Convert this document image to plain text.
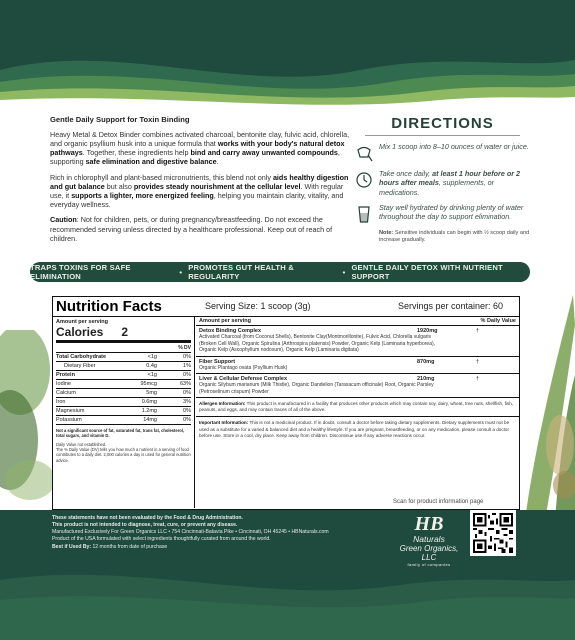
Gentle Daily Support for Toxin Binding

Heavy Metal & Detox Binder combines activated charcoal, bentonite clay, fulvic acid, chlorella, and organic psyllium husk into a unique formula that works with your body's natural detox pathways. Together, these ingredients help bind and carry away unwanted compounds, supporting safe elimination and digestive balance.

Rich in chlorophyll and plant-based micronutrients, this blend not only aids healthy digestion and gut balance but also provides steady nourishment at the cellular level. With regular use, it supports a lighter, more energized feeling, helping you maintain clarity, vitality, and everyday wellness.

Caution: Not for children, pets, or during pregnancy/breastfeeding. Do not exceed the recommended serving unless directed by a healthcare professional. Keep out of reach of children.

DIRECTIONS
Mix 1 scoop into 8–10 ounces of water or juice.
Take once daily, at least 1 hour before or 2 hours after meals, supplements, or medications.
Stay well hydrated by drinking plenty of water throughout the day to support elimination.
Note: Sensitive individuals can begin with ½ scoop daily and increase gradually.
TRAPS TOXINS FOR SAFE ELIMINATION	• PROMOTES GUT HEALTH & REGULARITY	• GENTLE DAILY DETOX WITH NUTRIENT SUPPORT
Nutrition Facts	Serving Size: 1 scoop (3g)	Servings per container: 60
Amount per serving
Calories 2
% DV
Total Carbohydrate	<1g	0%
Dietary Fiber	0.4g	1%
Protein	<1g	0%
Iodine	95mcg	63%
Calcium	5mg	0%
Iron	0.6mg	3%
Magnesium	1.2mg	0%
Potassium	14mg	0%
Not a significant source of fat, saturated fat, trans fat, cholesterol, total sugars, and vitamin D.
Daily Value not established.
The % Daily Value (DV) tells you how much a nutrient in a serving of food contributes to a daily diet. 2,000 calories a day is used for general nutrition advice.
Amount per serving	% Daily Value
Detox Binding Complex
Activated Charcoal (from Coconut Shells), Bentonite Clay(Montmorillonite), Fulvic Acid, Chlorella vulgaris (Broken Cell Wall), Organic Spirulina (Arthrospira platensis) Powder, Organic Kelp (Laminaria hyperborea), Organic Kelp (Ascophyllum nodosum), Organic Kelp (Laminaria digitata)
1920mg	†
Fiber Support
Organic Plantago ovata (Psyllium Husk)
870mg	†
Liver & Cellular Defense Complex
Organic Silybum marianum (Milk Thistle), Organic Dandelion (Taraxacum officinale) Root, Organic Parsley (Petroselinum crispum) Powder
210mg	†
Allergen Information: This product is manufactured in a facility that produces other products which may contain soy, dairy, wheat, tree nuts, shellfish, fish, peanuts, and eggs, and may contain traces of all of the above.
Important Information: This is not a medicinal product. If in doubt, consult a doctor before taking dietary supplements. Dietary supplements must not be used as a substitute for a varied & balanced diet and a healthy lifestyle. If you are pregnant, breastfeeding, or on any medication, please consult a doctor before use. Store in a cool, dry place. Keep away from children. Discontinue use if any adverse reactions occur.
Scan for product information page
These statements have not been evaluated by the Food & Drug Administration.
This product is not intended to diagnose, treat, cure, or prevent any disease.
Manufactured Exclusively For Green Organics LLC • 754 Cincinnati-Batavia Pike • Cincinnati, OH 45245 • HBNaturals.com
Product of the USA formulated with select ingredients thoughtfully curated from around the world.
Best if Used By: 12 months from date of purchase
HB
Naturals
Green Organics, LLC
family of companies
